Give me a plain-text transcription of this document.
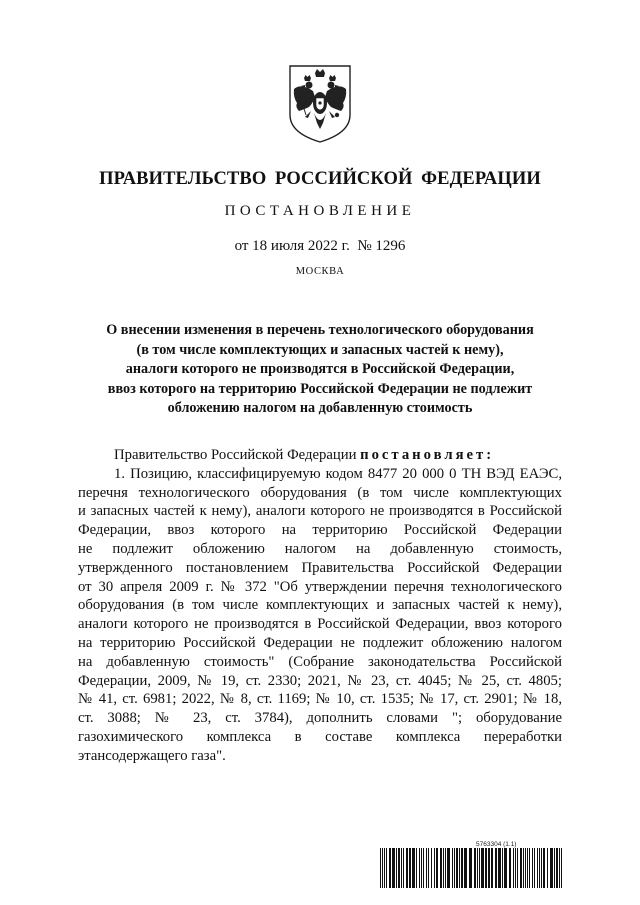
ПРАВИТЕЛЬСТВО РОССИЙСКОЙ ФЕДЕРАЦИИ
ПОСТАНОВЛЕНИЕ
от 18 июля 2022 г.  № 1296
МОСКВА
О внесении изменения в перечень технологического оборудования
(в том числе комплектующих и запасных частей к нему),
аналоги которого не производятся в Российской Федерации,
ввоз которого на территорию Российской Федерации не подлежит
обложению налогом на добавленную стоимость
Правительство Российской Федерации постановляет:
1. Позицию, классифицируемую кодом 8477 20 000 0 ТН ВЭД ЕАЭС,
перечня технологического оборудования (в том числе комплектующих
и запасных частей к нему), аналоги которого не производятся в Российской
Федерации, ввоз которого на территорию Российской Федерации
не подлежит обложению налогом на добавленную стоимость,
утвержденного постановлением Правительства Российской Федерации
от 30 апреля 2009 г. № 372 "Об утверждении перечня технологического
оборудования (в том числе комплектующих и запасных частей к нему),
аналоги которого не производятся в Российской Федерации, ввоз которого
на территорию Российской Федерации не подлежит обложению налогом
на добавленную стоимость" (Собрание законодательства Российской
Федерации, 2009, № 19, ст. 2330; 2021, № 23, ст. 4045; № 25, ст. 4805;
№ 41, ст. 6981; 2022, № 8, ст. 1169; № 10, ст. 1535; № 17, ст. 2901; № 18,
ст. 3088; № 23, ст. 3784), дополнить словами "; оборудование
газохимического комплекса в составе комплекса переработки
этансодержащего газа".
5763304 (1.1)
